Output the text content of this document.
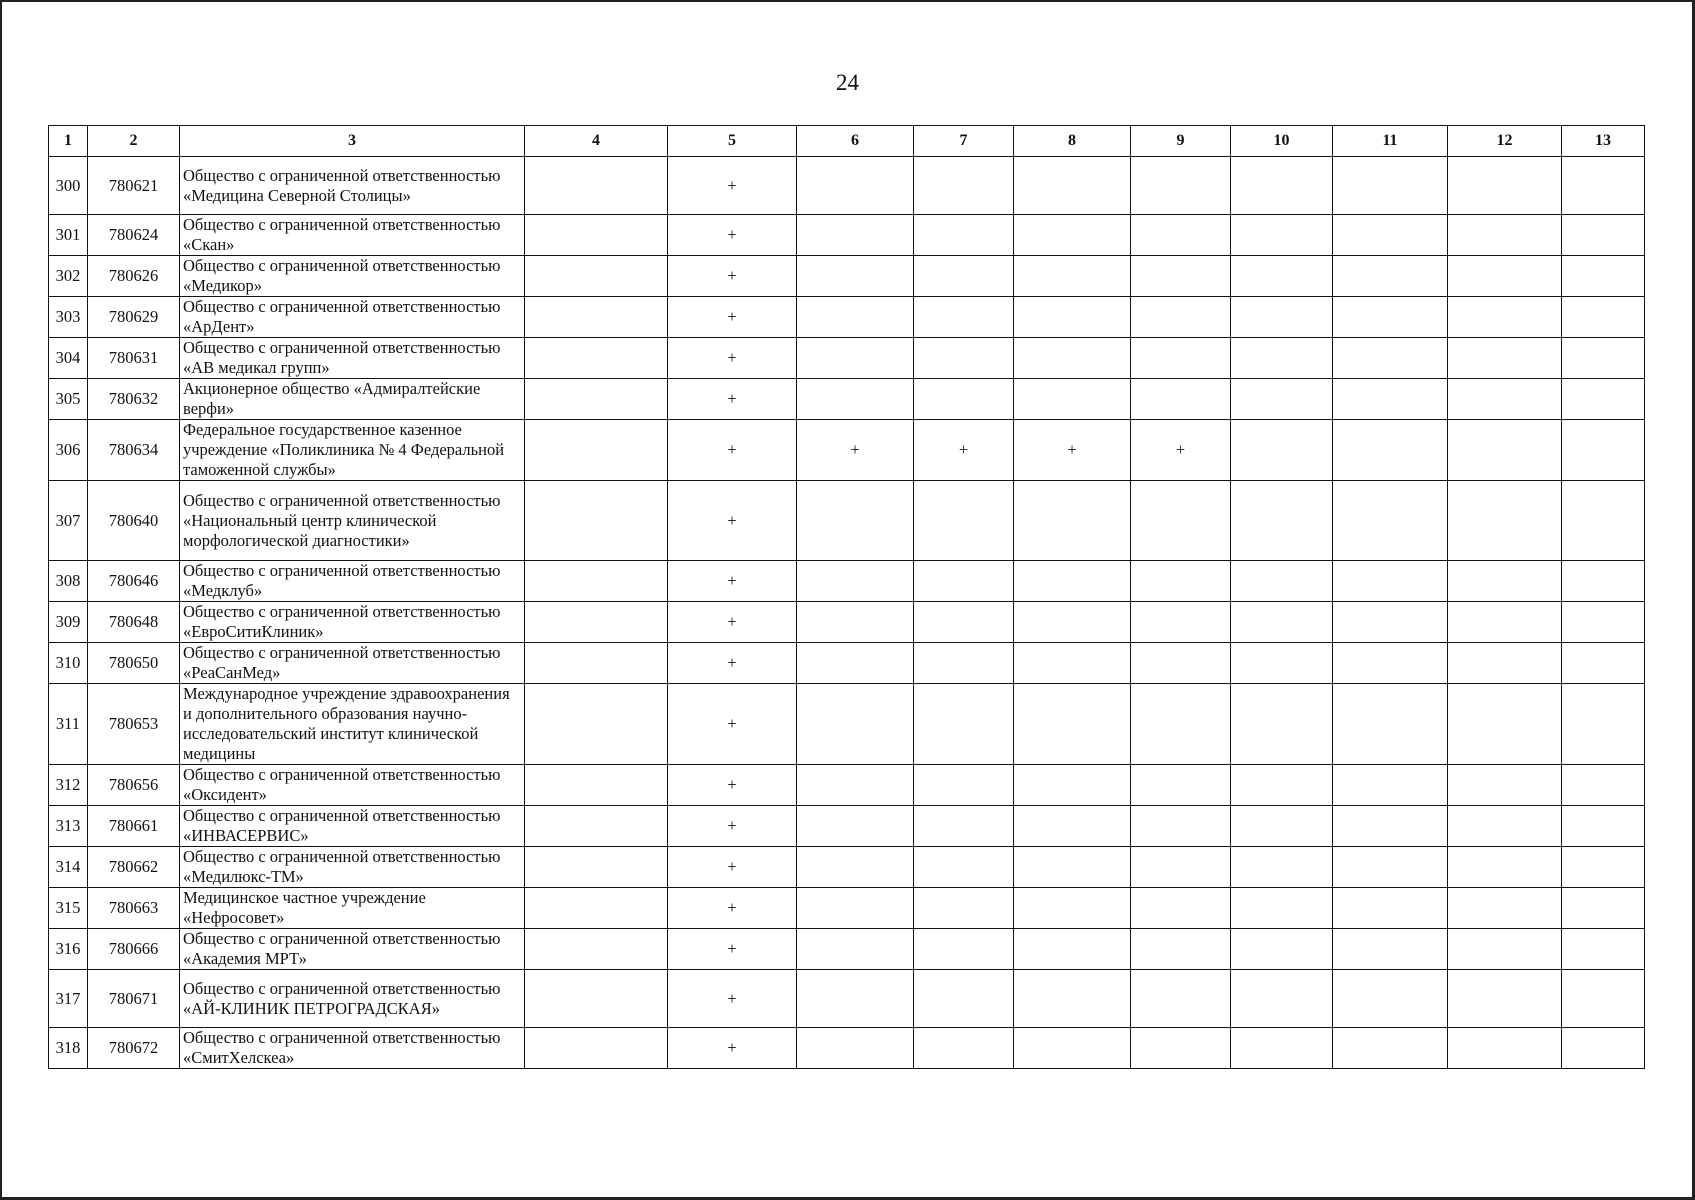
24
1	2	3	4	5	6	7	8	9	10	11	12	13
300	780621	Общество с ограниченной ответственностью «Медицина Северной Столицы»		+								
301	780624	Общество с ограниченной ответственностью «Скан»		+								
302	780626	Общество с ограниченной ответственностью «Медикор»		+								
303	780629	Общество с ограниченной ответственностью «АрДент»		+								
304	780631	Общество с ограниченной ответственностью «АВ медикал групп»		+								
305	780632	Акционерное общество «Адмиралтейские верфи»		+								
306	780634	Федеральное государственное казенное учреждение «Поликлиника № 4 Федеральной таможенной службы»		+	+	+	+	+				
307	780640	Общество с ограниченной ответственностью «Национальный центр клинической морфологической диагностики»		+								
308	780646	Общество с ограниченной ответственностью «Медклуб»		+								
309	780648	Общество с ограниченной ответственностью «ЕвроСитиКлиник»		+								
310	780650	Общество с ограниченной ответственностью «РеаСанМед»		+								
311	780653	Международное учреждение здравоохранения и дополнительного образования научно-исследовательский институт клинической медицины		+								
312	780656	Общество с ограниченной ответственностью «Оксидент»		+								
313	780661	Общество с ограниченной ответственностью «ИНВАСЕРВИС»		+								
314	780662	Общество с ограниченной ответственностью «Медилюкс-ТМ»		+								
315	780663	Медицинское частное учреждение «Нефросовет»		+								
316	780666	Общество с ограниченной ответственностью «Академия МРТ»		+								
317	780671	Общество с ограниченной ответственностью «АЙ-КЛИНИК ПЕТРОГРАДСКАЯ»		+								
318	780672	Общество с ограниченной ответственностью «СмитХелскеа»		+								
